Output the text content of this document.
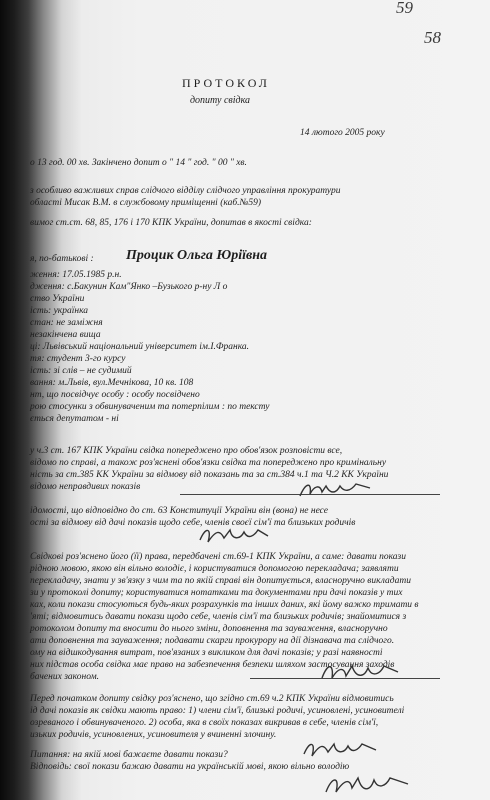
59
58
ПРОТОКОЛ
допиту свідка
14 лютого 2005 року
о 13 год. 00 хв. Закінчено допит о " 14 " год. " 00 " хв.
з особливо важливих справ слідчого відділу слідчого управління прокуратури
області Мисак В.М. в службовому приміщенні (каб.№59)
вимог ст.ст. 68, 85, 176 і 170 КПК України, допитав в якості свідка:
я, по-батькові : Процик Ольга Юріївна
ження: 17.05.1985 р.н.
дження: с.Бакунин Кам"Янко –Бузького р-ну Л о
ство України
ість: українка
стан: не заміжня
незакінчена вища
ці: Львівський національний університет ім.І.Франка.
тя: студент 3-го курсу
ість: зі слів – не судимий
вання: м.Львів, вул.Мечнікова, 10 кв. 108
нт, що посвідчує особу : особу посвідчено
рою стосунки з обвинуваченим та потерпілим : по тексту
ється депутатом - ні
у ч.3 ст. 167 КПК України свідка попереджено про обов'язок розповісти все,
відомо по справі, а також роз'яснені обов'язки свідка та попереджено про кримінальну
ність за ст.385 КК України за відмову від показань та за ст.384 ч.1 та Ч.2 КК України
відомо неправдивих показів
ідомості, що відповідно до ст. 63 Конституції України він (вона) не несе
ості за відмову від дачі показів щодо себе, членів своєї сім'ї та близьких родичів
Свідкові роз'яснено його (її) права, передбачені ст.69-1 КПК України, а саме: давати покази
рідною мовою, якою він вільно володіє, і користуватися допомогою перекладача; заявляти
перекладачу, знати у зв'язку з чим та по якій справі він допитується, власноручно викладати
зи у протоколі допиту; користуватися нотатками та документами при дачі показів у тих
ках, коли покази стосуються будь-яких розрахунків та інших даних, які йому важко тримати в
'яті; відмовитись давати покази щодо себе, членів сім'ї та близьких родичів; знайомитися з
ротоколом допиту та вносити до нього зміни, доповнення та зауваження, власноручно
ати доповнення та зауваження; подавати скарги прокурору на дії дізнавача та слідчого.
ому на відшкодування витрат, пов'язаних з викликом для дачі показів; у разі наявності
них підстав особа свідка має право на забезпечення безпеки шляхом застосування заходів
бачених законом.
Перед початком допиту свідку роз'яснено, що згідно ст.69 ч.2 КПК України відмовитись
ід дачі показів як свідки мають право: 1) члени сім'ї, близькі родичі, усиновлені, усиновителі
озреваного і обвинуваченого. 2) особа, яка в своїх показах викривав в себе, членів сім'ї,
изьких родичів, усиновлених, усиновителя у вчиненні злочину.
Питання: на якій мові бажаєте давати покази?
Відповідь: свої покази бажаю давати на українській мові, якою вільно володію
